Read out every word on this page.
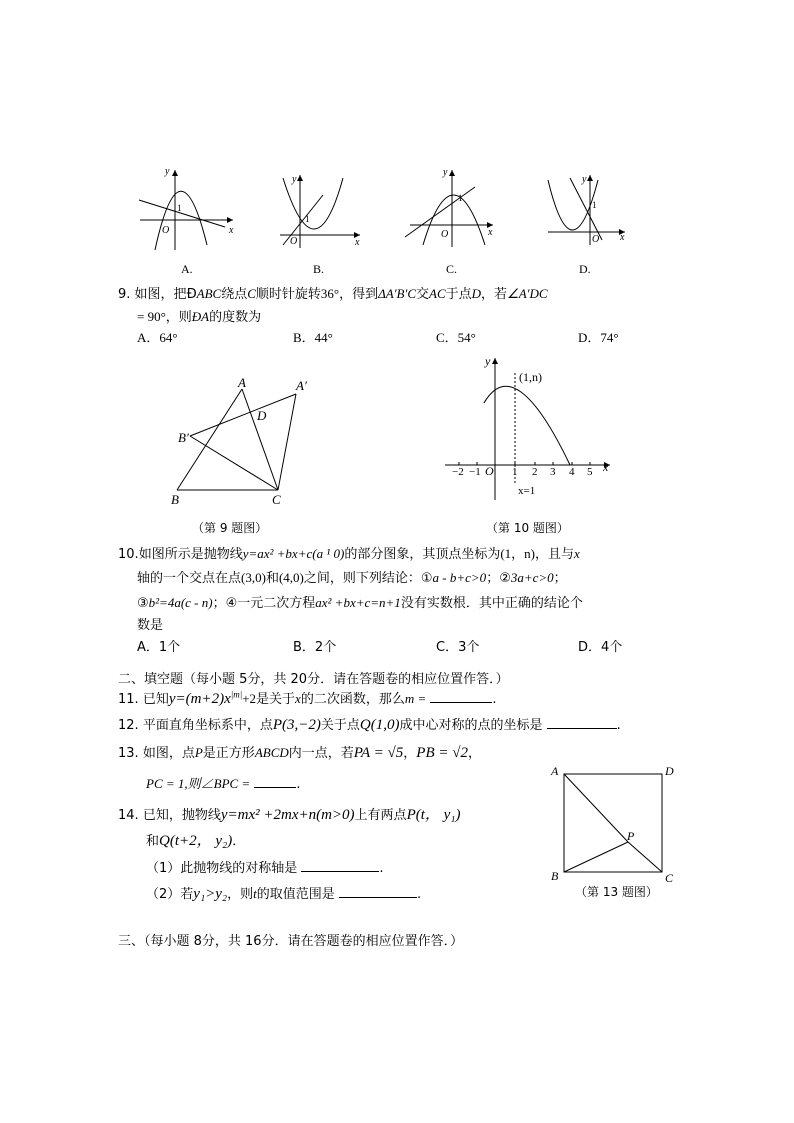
y
x
O
1
A.
y
x
O
1
B.
y
x
O
1
C.
y
x
O
1
D.
9. 如图，把ĐABC绕点C顺时针旋转36°，得到ΔA′B′C交AC于点D，若∠A′DC
= 90°，则ĐA的度数为
A．64°	B．44°	C．54°	D．74°
A	A′
B′
D
B	C
（第 9 题图）
y
x
O
(1,n)
−2 −1	1 2 3 4 5
x=1
（第 10 题图）
10.如图所示是抛物线y=ax² +bx+c(a ¹ 0)的部分图象，其顶点坐标为(1，n)，且与x
轴的一个交点在点(3,0)和(4,0)之间，则下列结论：①a - b+c>0；②3a+c>0；
③b²=4a(c - n)；④一元二次方程ax² +bx+c=n+1没有实数根．其中正确的结论个
数是
A．1个	B．2个	C．3个	D．4个
二、填空题（每小题 5分，共 20分．请在答题卷的相应位置作答．）
11. 已知$y=(m+2)x^{|m|}+2$是关于x的二次函数，那么m =	.
12. 平面直角坐标系中，点P(3,−2)关于点Q(1,0)成中心对称的点的坐标是	.
13. 如图，点P是正方形ABCD内一点，若PA = √5，PB = √2，
PC = 1,则∠BPC =	.
A	D
B	C
P
（第 13 题图）
14. 已知，抛物线y=mx² +2mx+n(m>0)上有两点P(t， y₁)
和Q(t+2， y₂)．
（1）此抛物线的对称轴是	.
（2）若y₁>y₂，则t的取值范围是	.
三、（每小题 8分，共 16分．请在答题卷的相应位置作答．）
